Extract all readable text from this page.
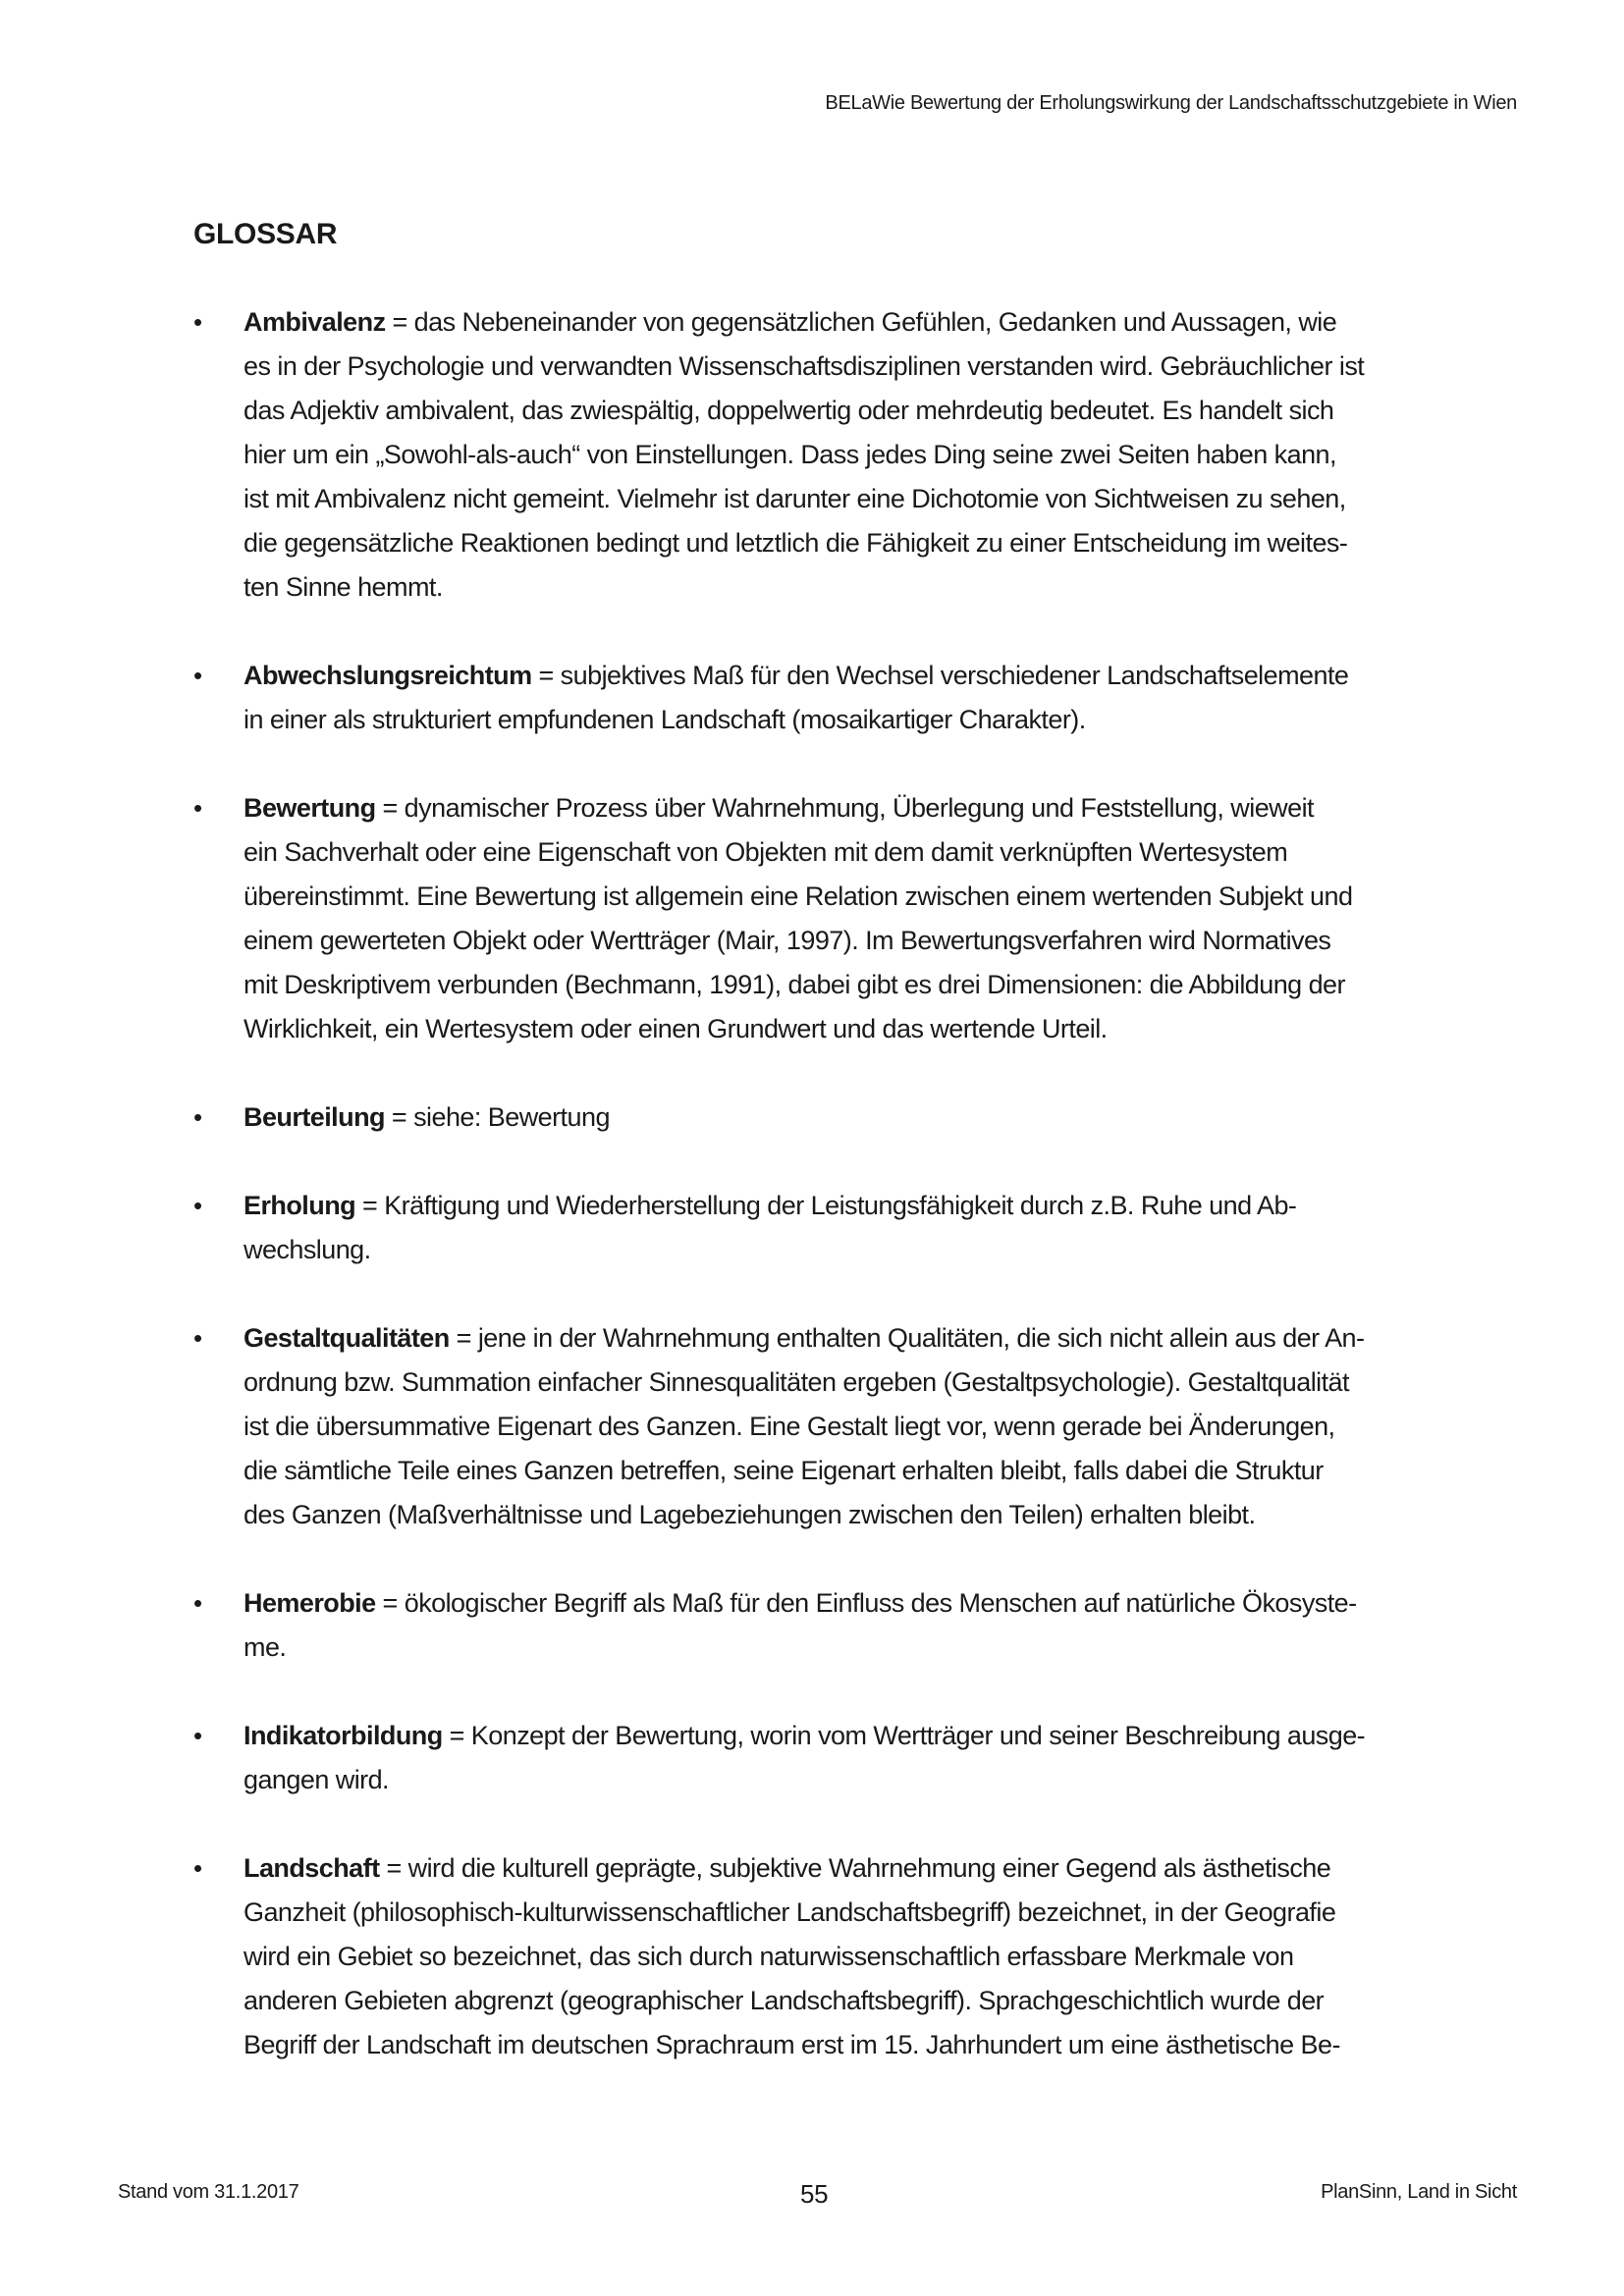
BELaWie Bewertung der Erholungswirkung der Landschaftsschutzgebiete in Wien
GLOSSAR
• Ambivalenz = das Nebeneinander von gegensätzlichen Gefühlen, Gedanken und Aussagen, wie
es in der Psychologie und verwandten Wissenschaftsdisziplinen verstanden wird. Gebräuchlicher ist
das Adjektiv ambivalent, das zwiespältig, doppelwertig oder mehrdeutig bedeutet. Es handelt sich
hier um ein „Sowohl-als-auch“ von Einstellungen. Dass jedes Ding seine zwei Seiten haben kann,
ist mit Ambivalenz nicht gemeint. Vielmehr ist darunter eine Dichotomie von Sichtweisen zu sehen,
die gegensätzliche Reaktionen bedingt und letztlich die Fähigkeit zu einer Entscheidung im weites-
ten Sinne hemmt.
• Abwechslungsreichtum = subjektives Maß für den Wechsel verschiedener Landschaftselemente
in einer als strukturiert empfundenen Landschaft (mosaikartiger Charakter).
• Bewertung = dynamischer Prozess über Wahrnehmung, Überlegung und Feststellung, wieweit
ein Sachverhalt oder eine Eigenschaft von Objekten mit dem damit verknüpften Wertesystem
übereinstimmt. Eine Bewertung ist allgemein eine Relation zwischen einem wertenden Subjekt und
einem gewerteten Objekt oder Wertträger (Mair, 1997). Im Bewertungsverfahren wird Normatives
mit Deskriptivem verbunden (Bechmann, 1991), dabei gibt es drei Dimensionen: die Abbildung der
Wirklichkeit, ein Wertesystem oder einen Grundwert und das wertende Urteil.
• Beurteilung = siehe: Bewertung
• Erholung = Kräftigung und Wiederherstellung der Leistungsfähigkeit durch z.B. Ruhe und Ab-
wechslung.
• Gestaltqualitäten = jene in der Wahrnehmung enthalten Qualitäten, die sich nicht allein aus der An-
ordnung bzw. Summation einfacher Sinnesqualitäten ergeben (Gestaltpsychologie). Gestaltqualität
ist die übersummative Eigenart des Ganzen. Eine Gestalt liegt vor, wenn gerade bei Änderungen,
die sämtliche Teile eines Ganzen betreffen, seine Eigenart erhalten bleibt, falls dabei die Struktur
des Ganzen (Maßverhältnisse und Lagebeziehungen zwischen den Teilen) erhalten bleibt.
• Hemerobie = ökologischer Begriff als Maß für den Einfluss des Menschen auf natürliche Ökosyste-
me.
• Indikatorbildung = Konzept der Bewertung, worin vom Wertträger und seiner Beschreibung ausge-
gangen wird.
• Landschaft = wird die kulturell geprägte, subjektive Wahrnehmung einer Gegend als ästhetische
Ganzheit (philosophisch-kulturwissenschaftlicher Landschaftsbegriff) bezeichnet, in der Geografie
wird ein Gebiet so bezeichnet, das sich durch naturwissenschaftlich erfassbare Merkmale von
anderen Gebieten abgrenzt (geographischer Landschaftsbegriff). Sprachgeschichtlich wurde der
Begriff der Landschaft im deutschen Sprachraum erst im 15. Jahrhundert um eine ästhetische Be-
Stand vom 31.1.2017	55	PlanSinn, Land in Sicht
